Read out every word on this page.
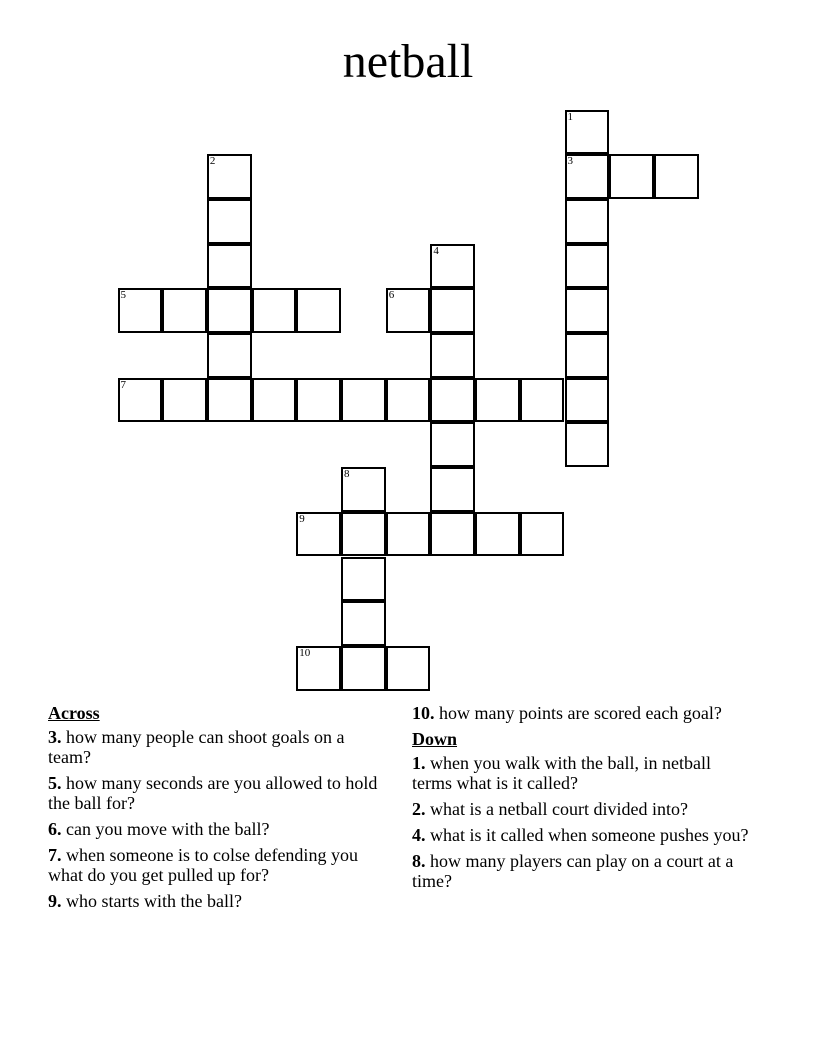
netball
1
2	3
4
5	6
7
8
9
10
Across
3. how many people can shoot goals on a team?
5. how many seconds are you allowed to hold the ball for?
6. can you move with the ball?
7. when someone is to colse defending you what do you get pulled up for?
9. who starts with the ball?
10. how many points are scored each goal?
Down
1. when you walk with the ball, in netball terms what is it called?
2. what is a netball court divided into?
4. what is it called when someone pushes you?
8. how many players can play on a court at a time?
